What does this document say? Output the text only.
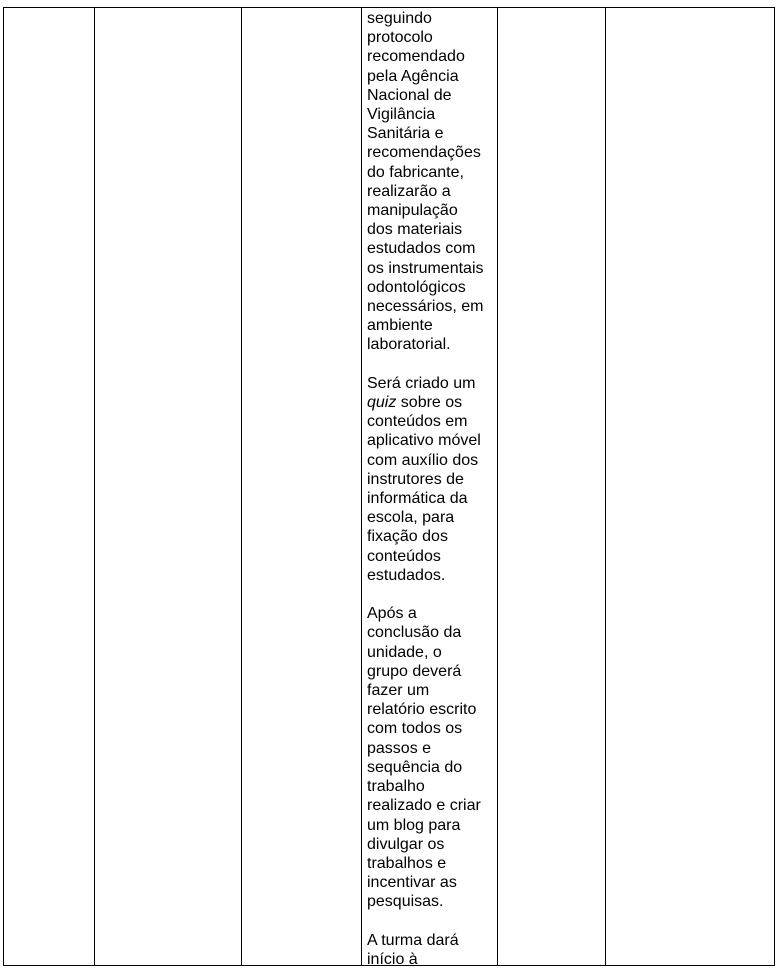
seguindo
protocolo
recomendado
pela Agência
Nacional de
Vigilância
Sanitária e
recomendações
do fabricante,
realizarão a
manipulação
dos materiais
estudados com
os instrumentais
odontológicos
necessários, em
ambiente
laboratorial.
Será criado um
quiz sobre os
conteúdos em
aplicativo móvel
com auxílio dos
instrutores de
informática da
escola, para
fixação dos
conteúdos
estudados.
Após a
conclusão da
unidade, o
grupo deverá
fazer um
relatório escrito
com todos os
passos e
sequência do
trabalho
realizado e criar
um blog para
divulgar os
trabalhos e
incentivar as
pesquisas.
A turma dará
início à
